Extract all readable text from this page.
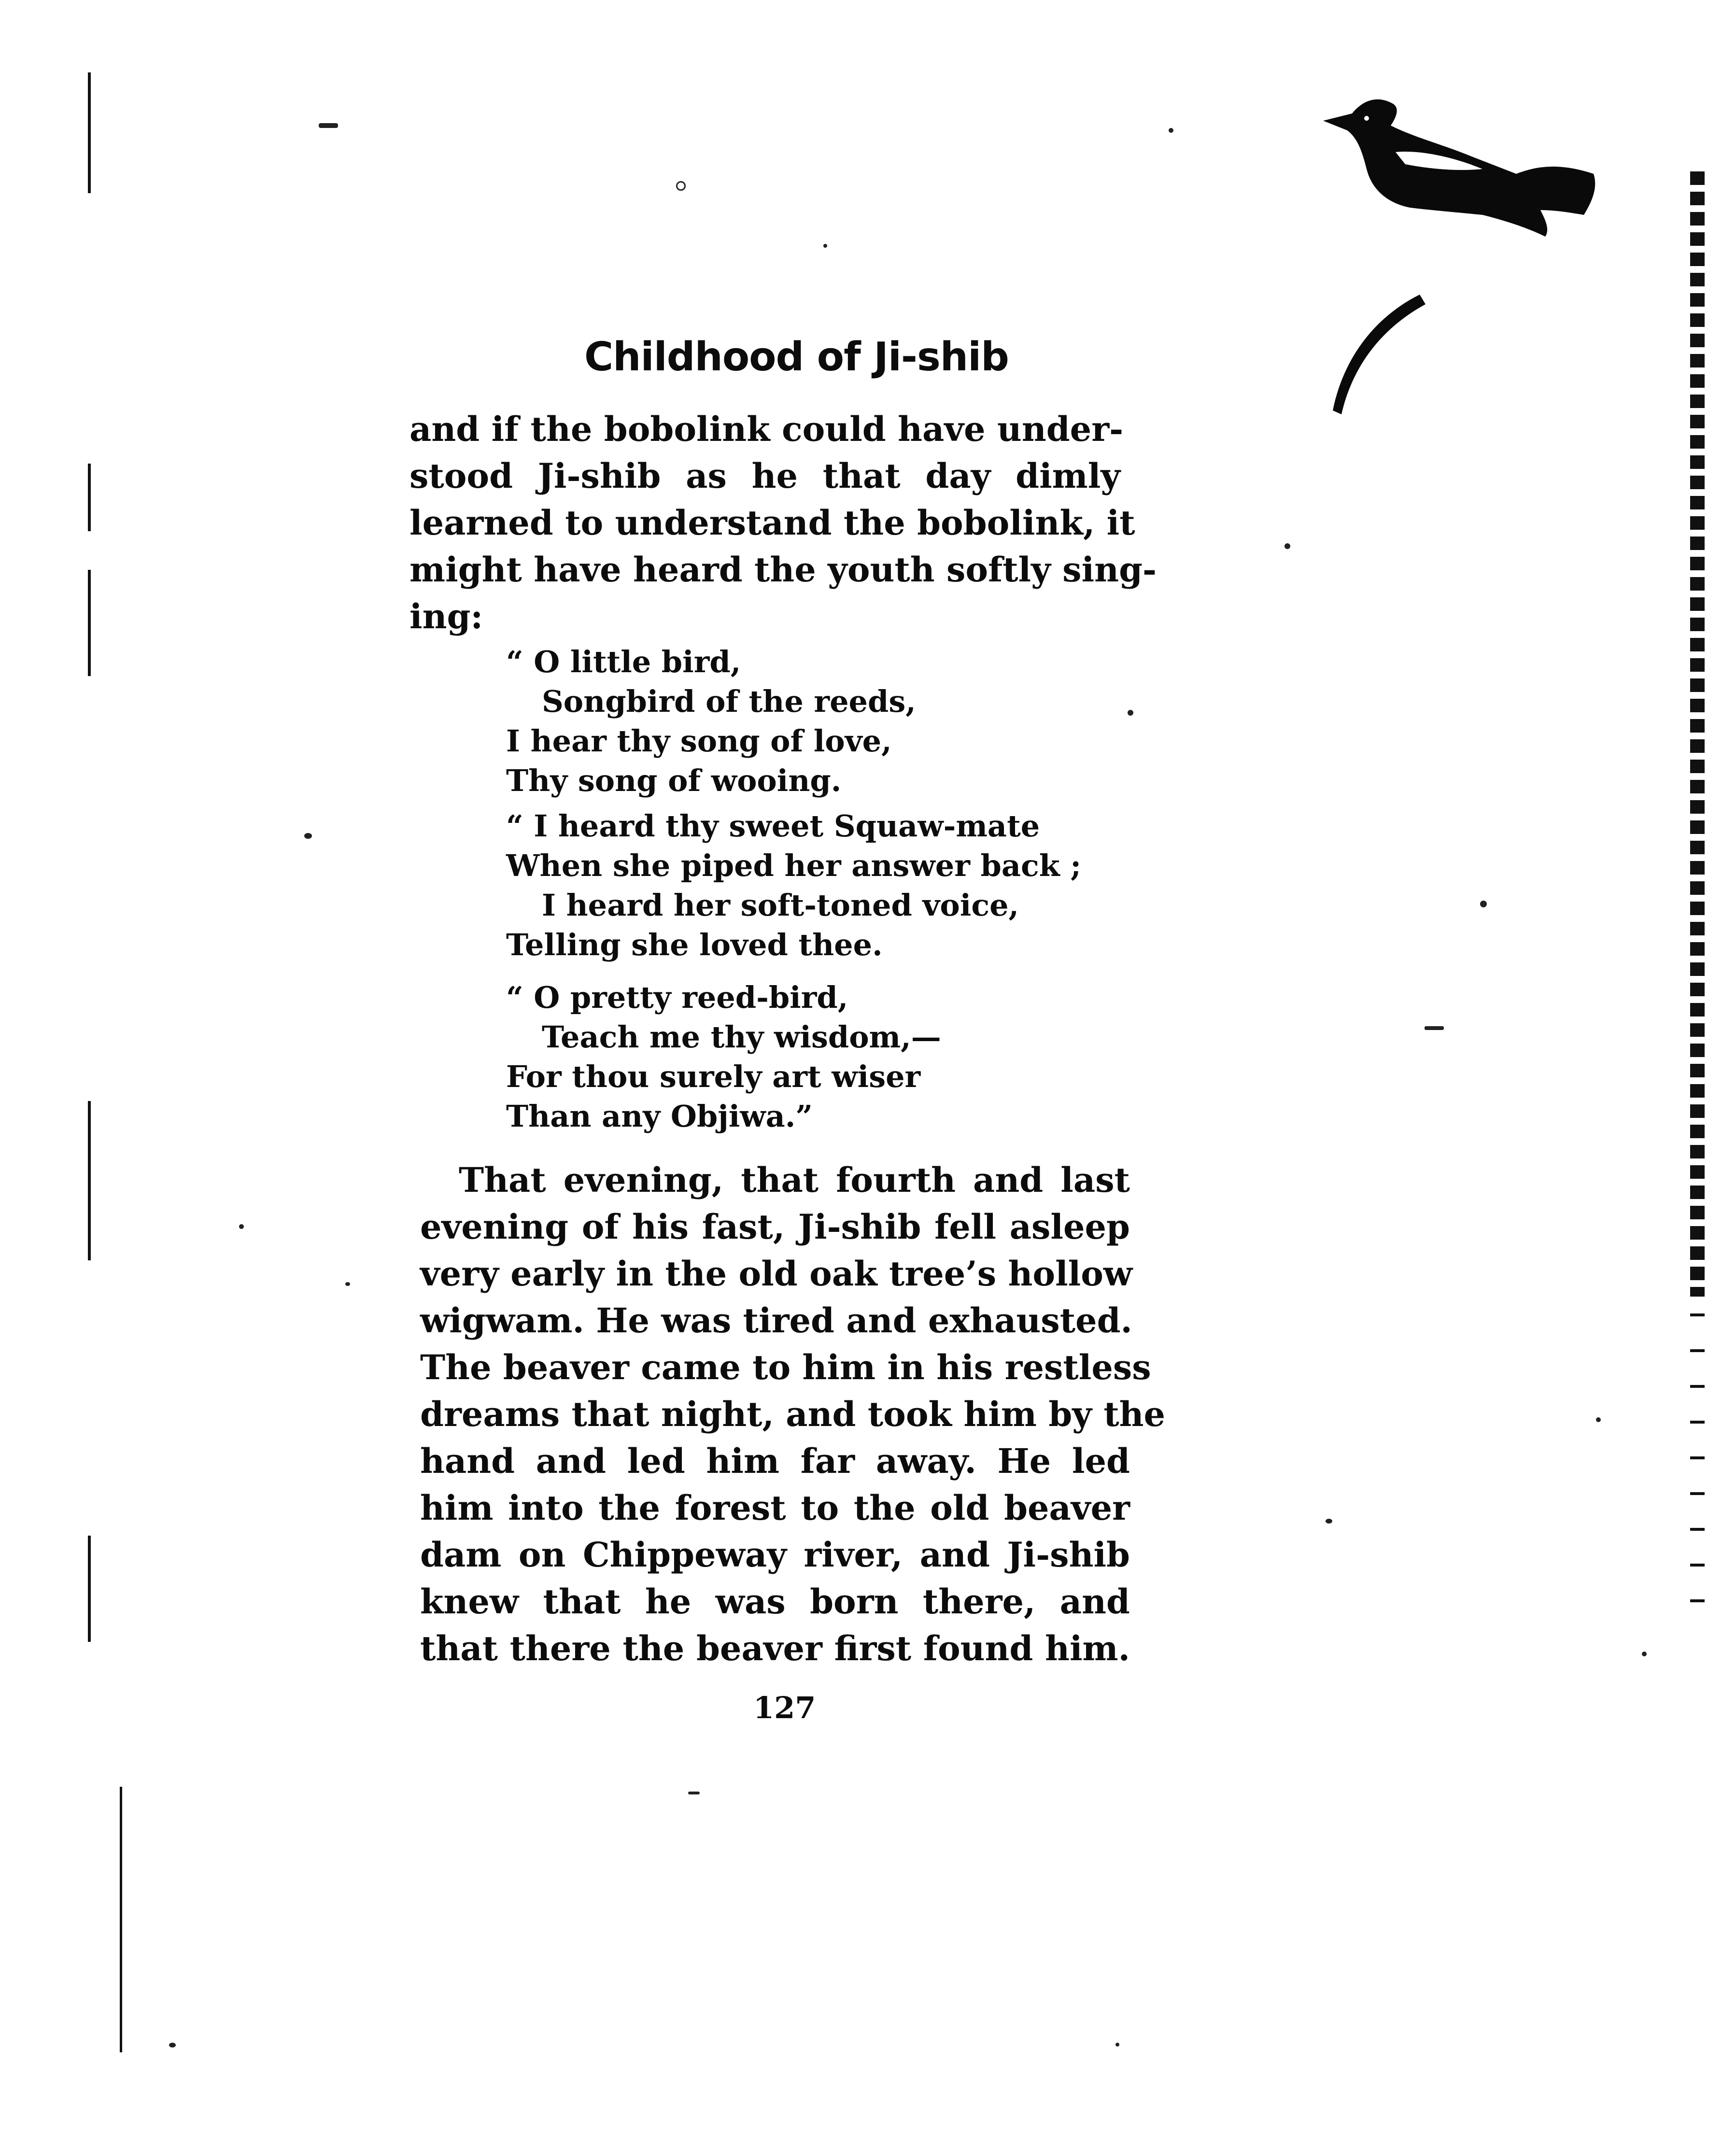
Childhood of Ji-shib
and if the bobolink could have under-
stood Ji-shib as he that day dimly
learned to understand the bobolink, it
might have heard the youth softly sing-
ing:
“ O little bird,
Songbird of the reeds,
I hear thy song of love,
Thy song of wooing.
“ I heard thy sweet Squaw-mate
When she piped her answer back ;
I heard her soft-toned voice,
Telling she loved thee.
“ O pretty reed-bird,
Teach me thy wisdom,—
For thou surely art wiser
Than any Objiwa.”
That evening, that fourth and last
evening of his fast, Ji-shib fell asleep
very early in the old oak tree’s hollow
wigwam. He was tired and exhausted.
The beaver came to him in his restless
dreams that night, and took him by the
hand and led him far away. He led
him into the forest to the old beaver
dam on Chippeway river, and Ji-shib
knew that he was born there, and
that there the beaver first found him.
127
